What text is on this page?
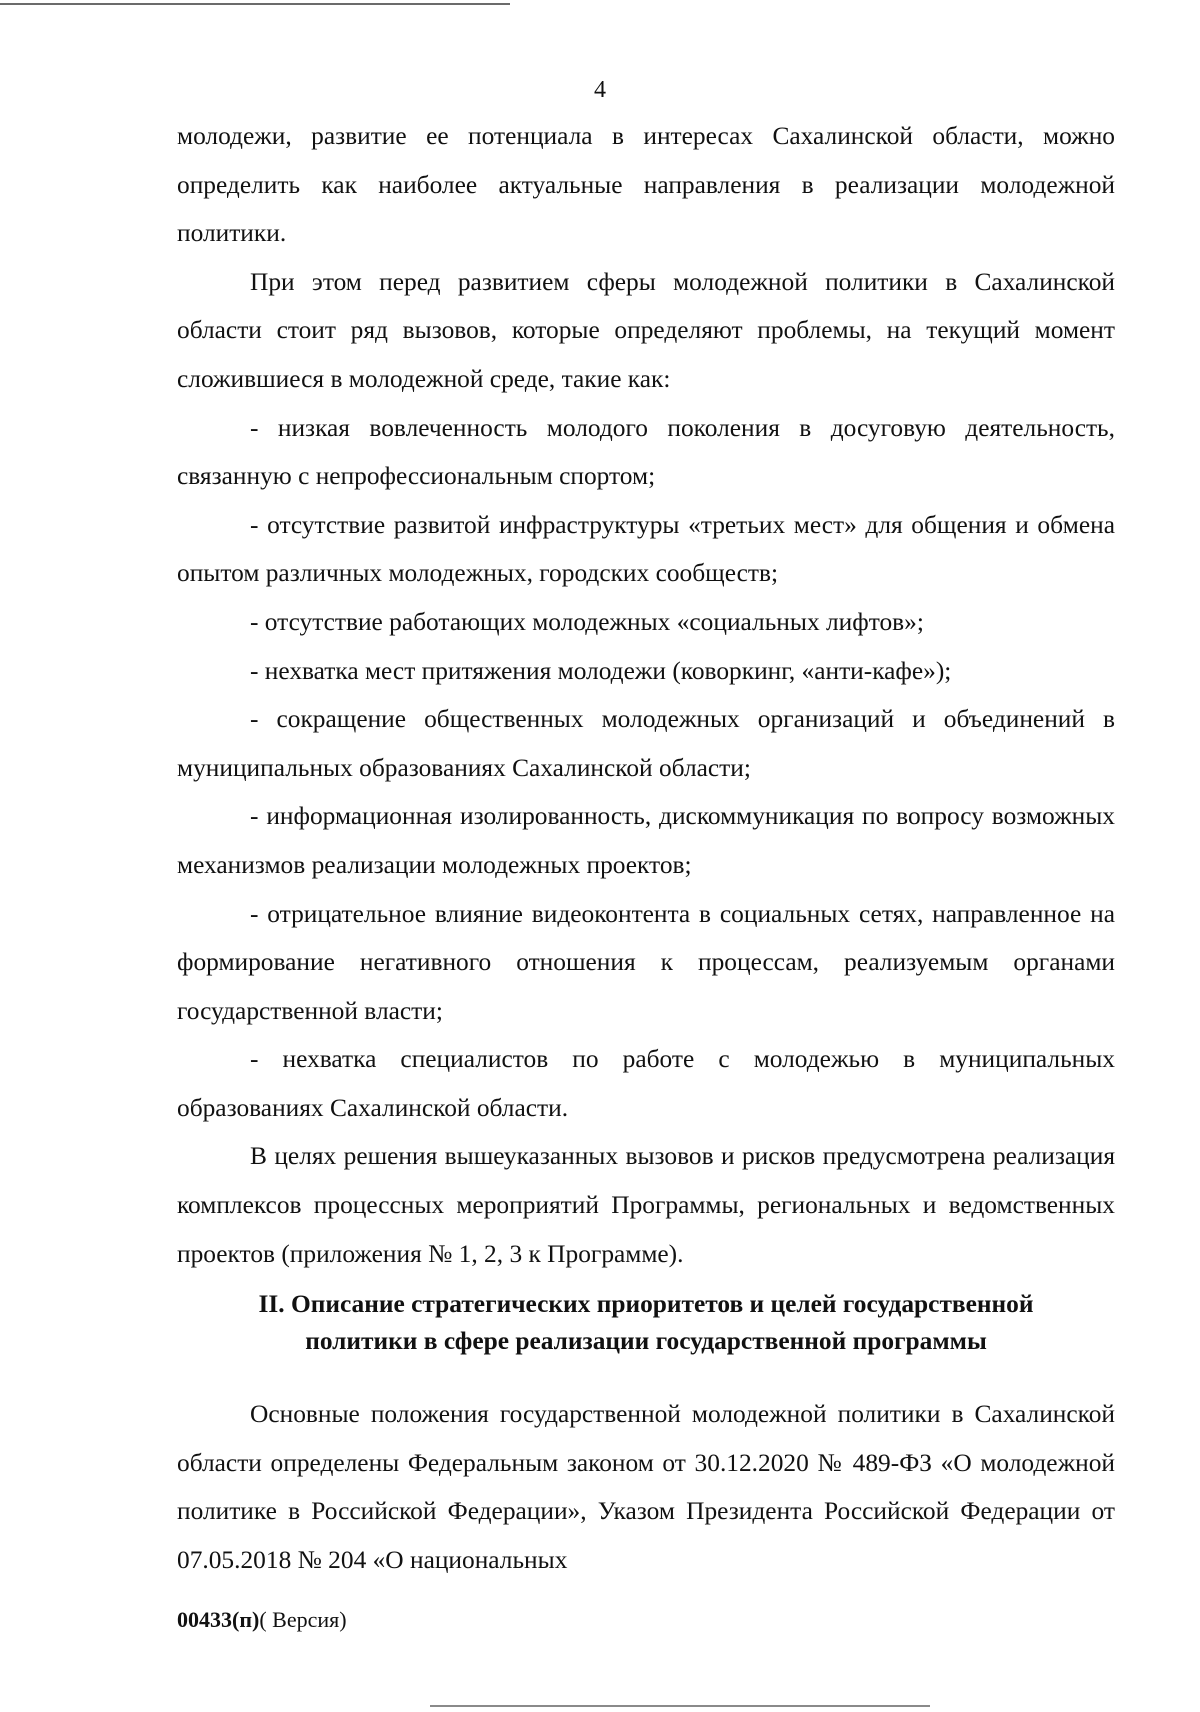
4

молодежи, развитие ее потенциала в интересах Сахалинской области, можно определить как наиболее актуальные направления в реализации молодежной политики.

При этом перед развитием сферы молодежной политики в Сахалинской области стоит ряд вызовов, которые определяют проблемы, на текущий момент сложившиеся в молодежной среде, такие как:

- низкая вовлеченность молодого поколения в досуговую деятельность, связанную с непрофессиональным спортом;

- отсутствие развитой инфраструктуры «третьих мест» для общения и обмена опытом различных молодежных, городских сообществ;

- отсутствие работающих молодежных «социальных лифтов»;

- нехватка мест притяжения молодежи (коворкинг, «анти-кафе»);

- сокращение общественных молодежных организаций и объединений в муниципальных образованиях Сахалинской области;

- информационная изолированность, дискоммуникация по вопросу возможных механизмов реализации молодежных проектов;

- отрицательное влияние видеоконтента в социальных сетях, направленное на формирование негативного отношения к процессам, реализуемым органами государственной власти;

- нехватка специалистов по работе с молодежью в муниципальных образованиях Сахалинской области.

В целях решения вышеуказанных вызовов и рисков предусмотрена реализация комплексов процессных мероприятий Программы, региональных и ведомственных проектов (приложения № 1, 2, 3 к Программе).

II. Описание стратегических приоритетов и целей государственной
политики в сфере реализации государственной программы

Основные положения государственной молодежной политики в Сахалинской области определены Федеральным законом от 30.12.2020 № 489-ФЗ «О молодежной политике в Российской Федерации», Указом Президента Российской Федерации от 07.05.2018 № 204 «О национальных

00433(п)( Версия)
